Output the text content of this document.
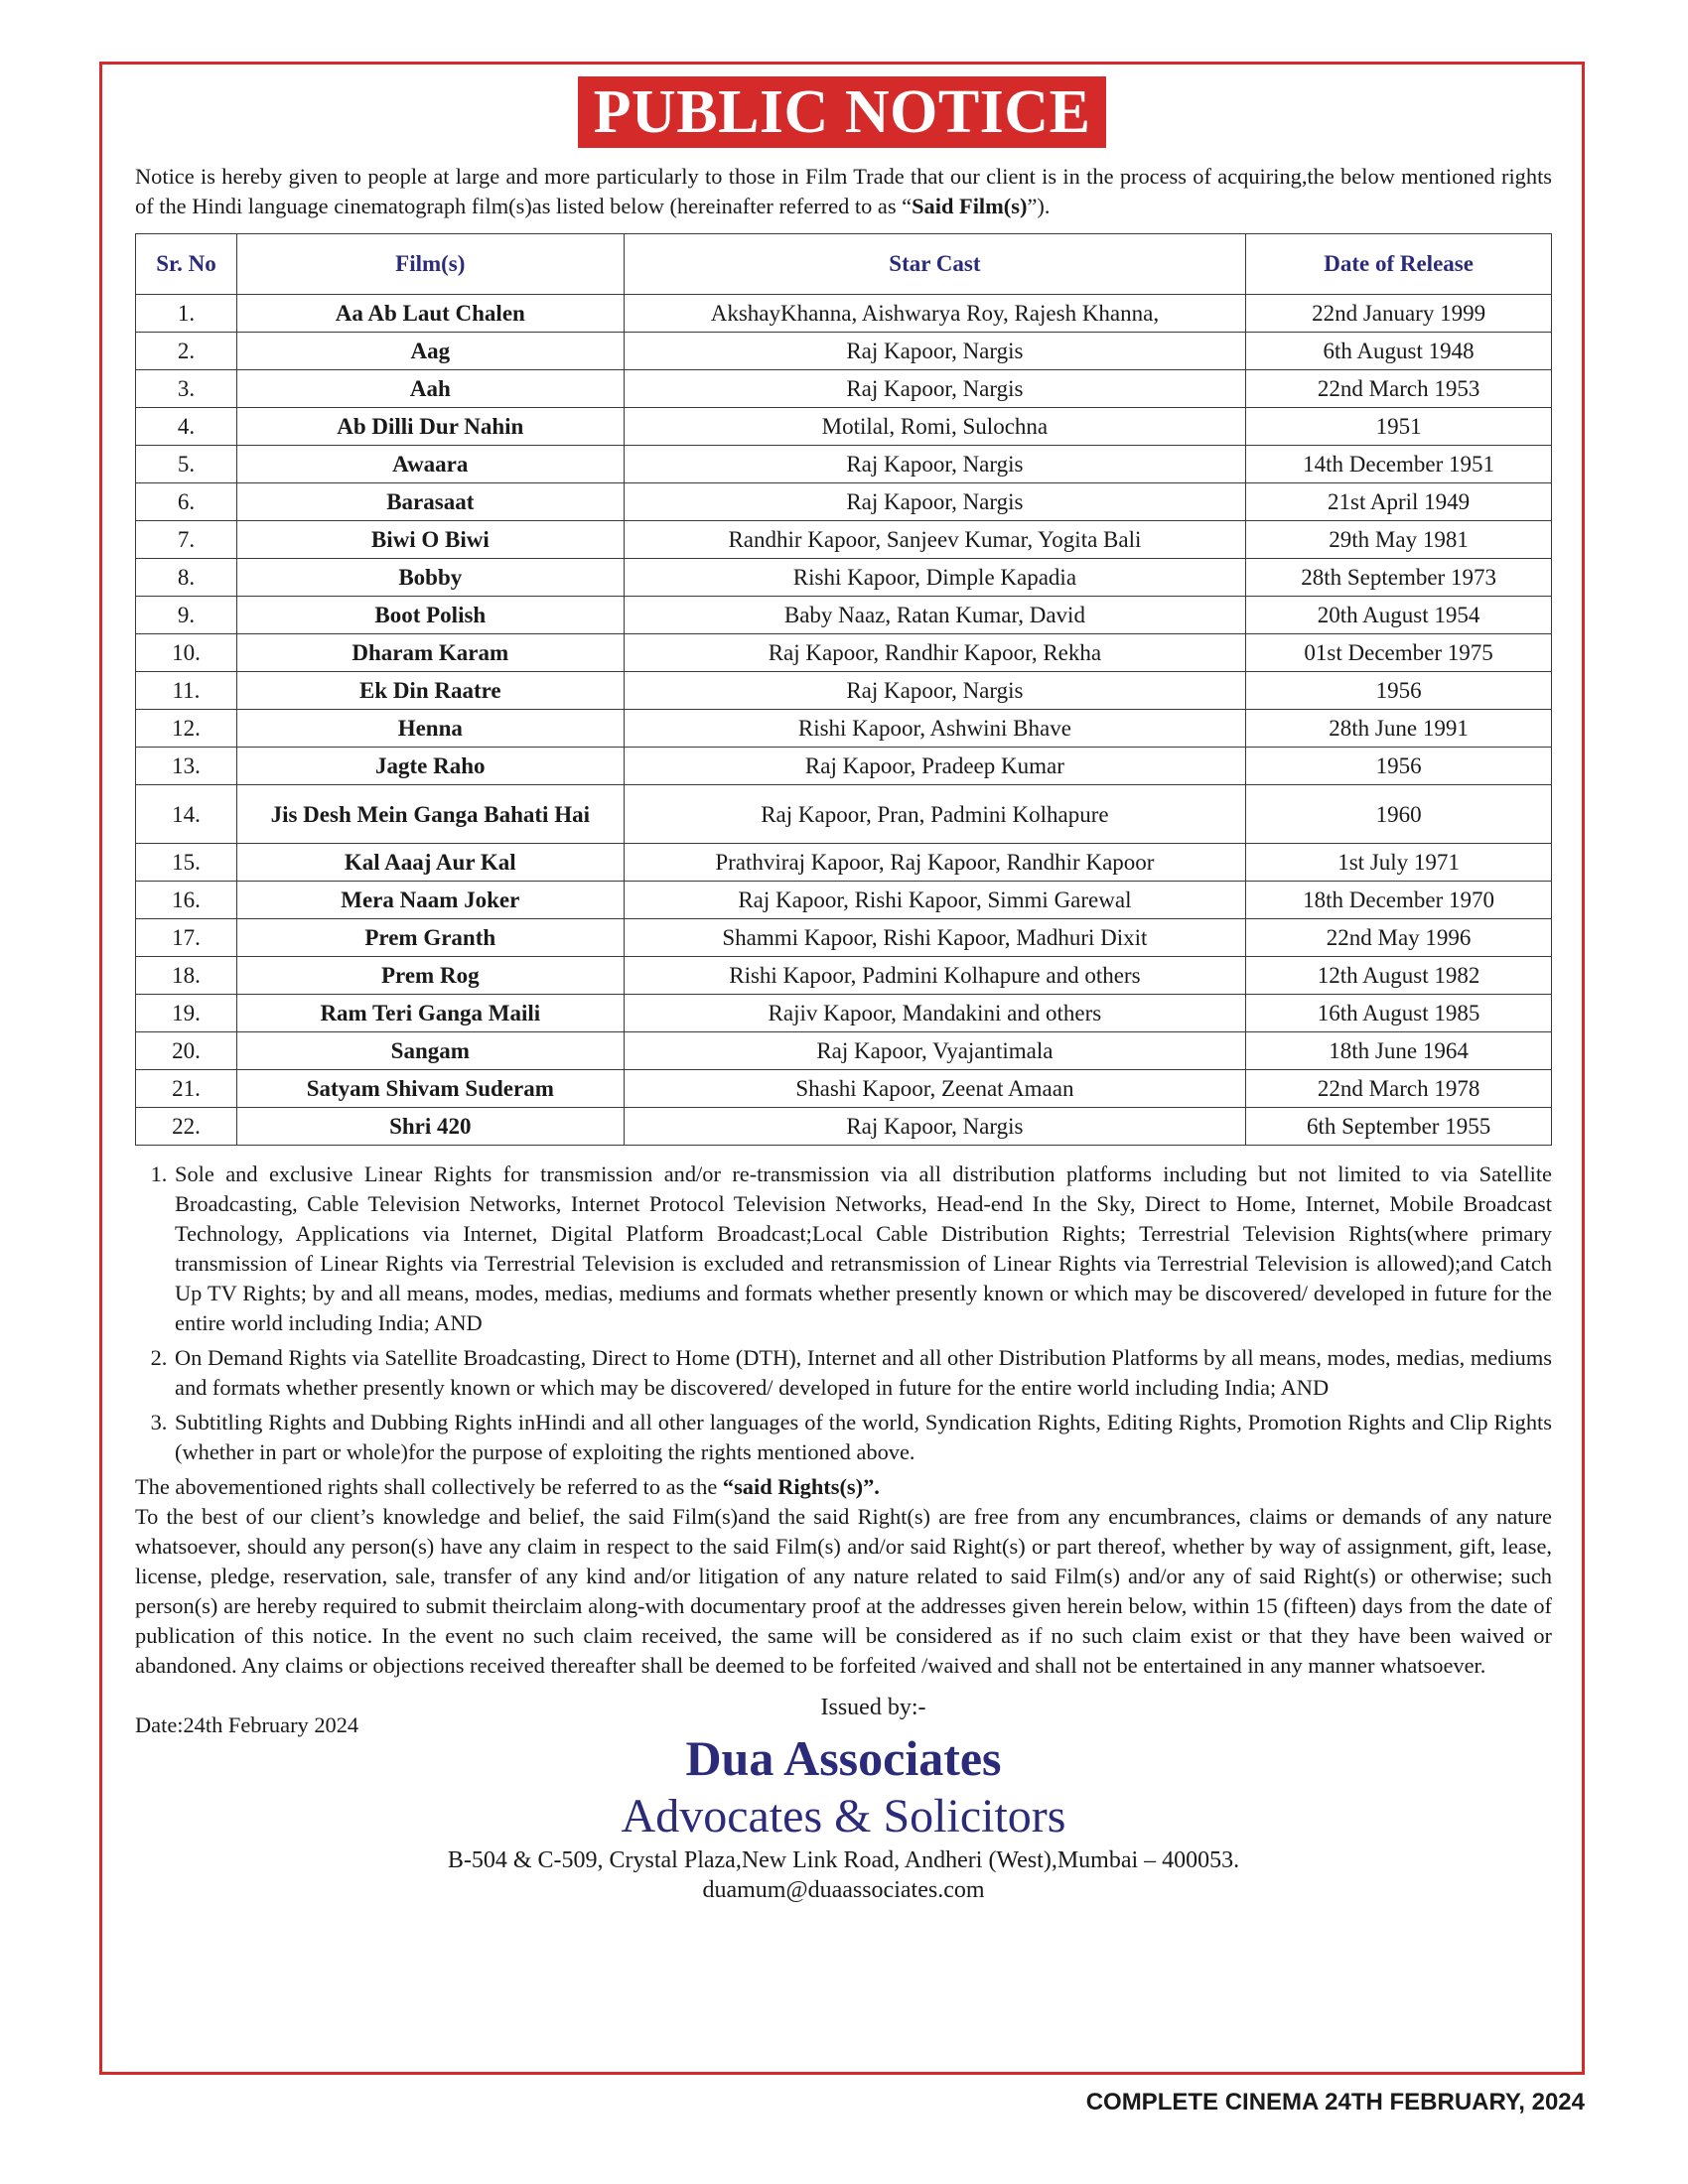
PUBLIC NOTICE

Notice is hereby given to people at large and more particularly to those in Film Trade that our client is in the process of acquiring,the below mentioned rights of the Hindi language cinematograph film(s)as listed below (hereinafter referred to as “Said Film(s)”).

Sr. No	Film(s)	Star Cast	Date of Release
1.	Aa Ab Laut Chalen	AkshayKhanna, Aishwarya Roy, Rajesh Khanna,	22nd January 1999
2.	Aag	Raj Kapoor, Nargis	6th August 1948
3.	Aah	Raj Kapoor, Nargis	22nd March 1953
4.	Ab Dilli Dur Nahin	Motilal, Romi, Sulochna	1951
5.	Awaara	Raj Kapoor, Nargis	14th December 1951
6.	Barasaat	Raj Kapoor, Nargis	21st April 1949
7.	Biwi O Biwi	Randhir Kapoor, Sanjeev Kumar, Yogita Bali	29th May 1981
8.	Bobby	Rishi Kapoor, Dimple Kapadia	28th September 1973
9.	Boot Polish	Baby Naaz, Ratan Kumar, David	20th August 1954
10.	Dharam Karam	Raj Kapoor, Randhir Kapoor, Rekha	01st December 1975
11.	Ek Din Raatre	Raj Kapoor, Nargis	1956
12.	Henna	Rishi Kapoor, Ashwini Bhave	28th June 1991
13.	Jagte Raho	Raj Kapoor, Pradeep Kumar	1956
14.	Jis Desh Mein Ganga Bahati Hai	Raj Kapoor, Pran, Padmini Kolhapure	1960
15.	Kal Aaaj Aur Kal	Prathviraj Kapoor, Raj Kapoor, Randhir Kapoor	1st July 1971
16.	Mera Naam Joker	Raj Kapoor, Rishi Kapoor, Simmi Garewal	18th December 1970
17.	Prem Granth	Shammi Kapoor, Rishi Kapoor, Madhuri Dixit	22nd May 1996
18.	Prem Rog	Rishi Kapoor, Padmini Kolhapure and others	12th August 1982
19.	Ram Teri Ganga Maili	Rajiv Kapoor, Mandakini and others	16th August 1985
20.	Sangam	Raj Kapoor, Vyajantimala	18th June 1964
21.	Satyam Shivam Suderam	Shashi Kapoor, Zeenat Amaan	22nd March 1978
22.	Shri 420	Raj Kapoor, Nargis	6th September 1955
1. Sole and exclusive Linear Rights for transmission and/or re-transmission via all distribution platforms including but not limited to via Satellite Broadcasting, Cable Television Networks, Internet Protocol Television Networks, Head-end In the Sky, Direct to Home, Internet, Mobile Broadcast Technology, Applications via Internet, Digital Platform Broadcast;Local Cable Distribution Rights; Terrestrial Television Rights(where primary transmission of Linear Rights via Terrestrial Television is excluded and retransmission of Linear Rights via Terrestrial Television is allowed);and Catch Up TV Rights; by and all means, modes, medias, mediums and formats whether presently known or which may be discovered/ developed in future for the entire world including India; AND
2. On Demand Rights via Satellite Broadcasting, Direct to Home (DTH), Internet and all other Distribution Platforms by all means, modes, medias, mediums and formats whether presently known or which may be discovered/ developed in future for the entire world including India; AND
3. Subtitling Rights and Dubbing Rights inHindi and all other languages of the world, Syndication Rights, Editing Rights, Promotion Rights and Clip Rights (whether in part or whole)for the purpose of exploiting the rights mentioned above.

The abovementioned rights shall collectively be referred to as the “said Rights(s)”.

To the best of our client’s knowledge and belief, the said Film(s)and the said Right(s) are free from any encumbrances, claims or demands of any nature whatsoever, should any person(s) have any claim in respect to the said Film(s) and/or said Right(s) or part thereof, whether by way of assignment, gift, lease, license, pledge, reservation, sale, transfer of any kind and/or litigation of any nature related to said Film(s) and/or any of said Right(s) or otherwise; such person(s) are hereby required to submit theirclaim along-with documentary proof at the addresses given herein below, within 15 (fifteen) days from the date of publication of this notice. In the event no such claim received, the same will be considered as if no such claim exist or that they have been waived or abandoned. Any claims or objections received thereafter shall be deemed to be forfeited /waived and shall not be entertained in any manner whatsoever.

Date:24th February 2024
Issued by:-
Dua Associates
Advocates & Solicitors
B-504 & C-509, Crystal Plaza,New Link Road, Andheri (West),Mumbai – 400053.
duamum@duaassociates.com
COMPLETE CINEMA 24TH FEBRUARY, 2024
